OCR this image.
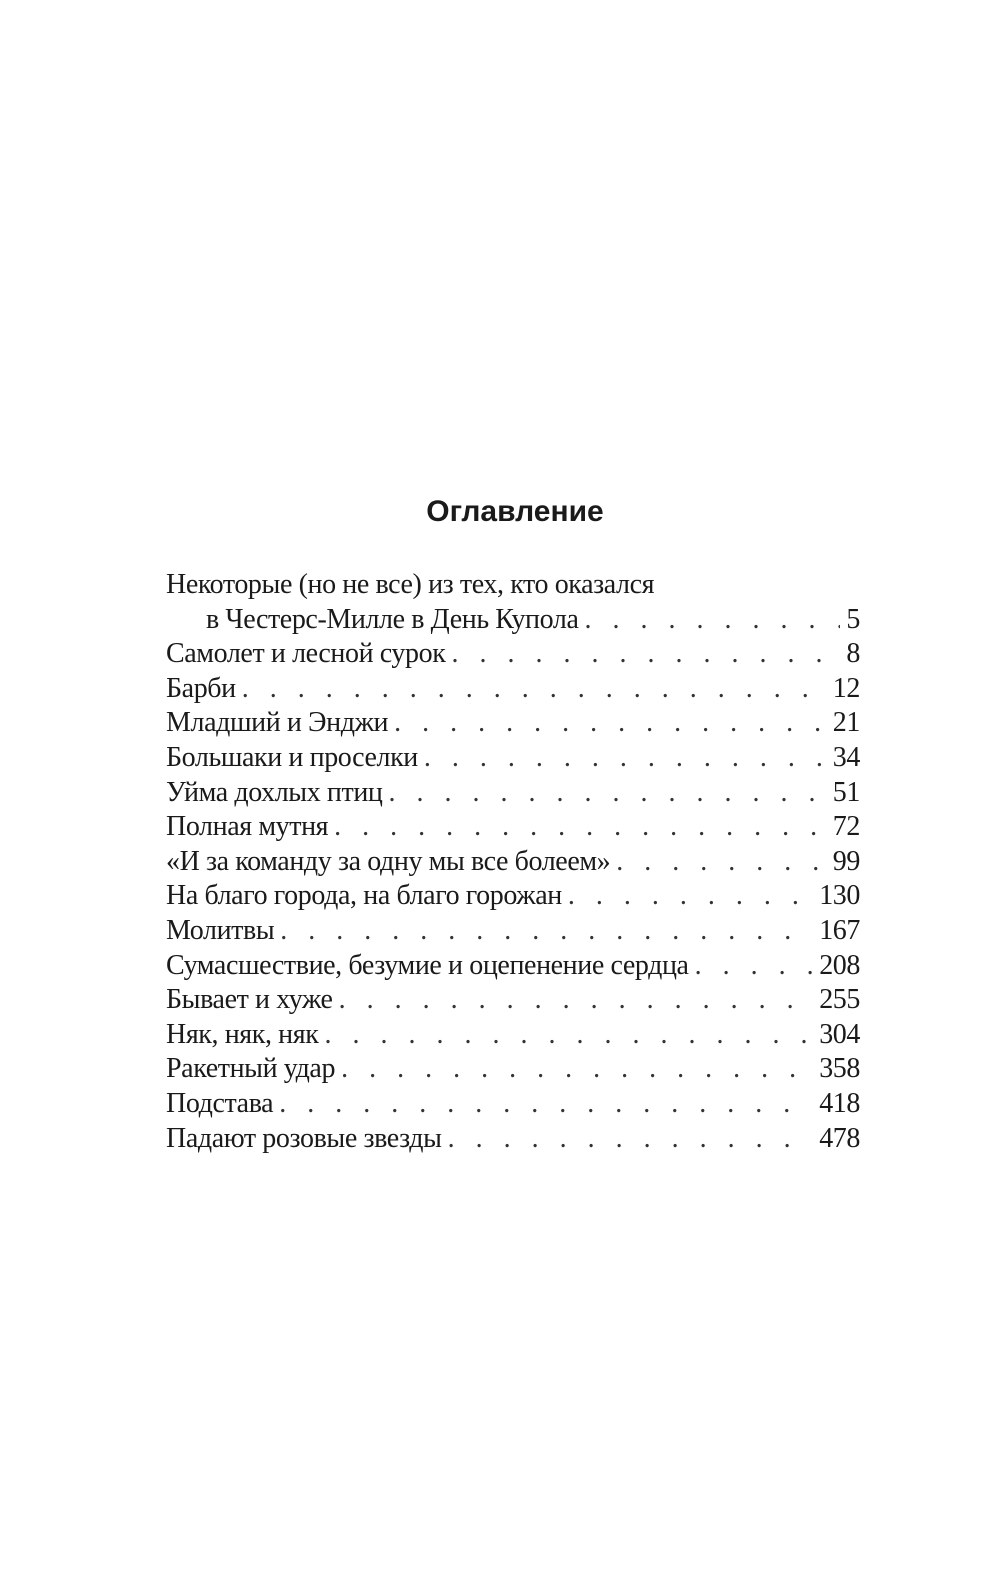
Оглавление
Некоторые (но не все) из тех, кто оказался
в Честерс-Милле в День Купола . . .	5
Самолет и лесной сурок . . .	8
Барби . . .	12
Младший и Энджи . . .	21
Большаки и проселки . . .	34
Уйма дохлых птиц . . .	51
Полная мутня . . .	72
«И за команду за одну мы все болеем» . . .	99
На благо города, на благо горожан . . .	130
Молитвы . . .	167
Сумасшествие, безумие и оцепенение сердца . . .	208
Бывает и хуже . . .	255
Няк, няк, няк . . .	304
Ракетный удар . . .	358
Подстава . . .	418
Падают розовые звезды . . .	478
